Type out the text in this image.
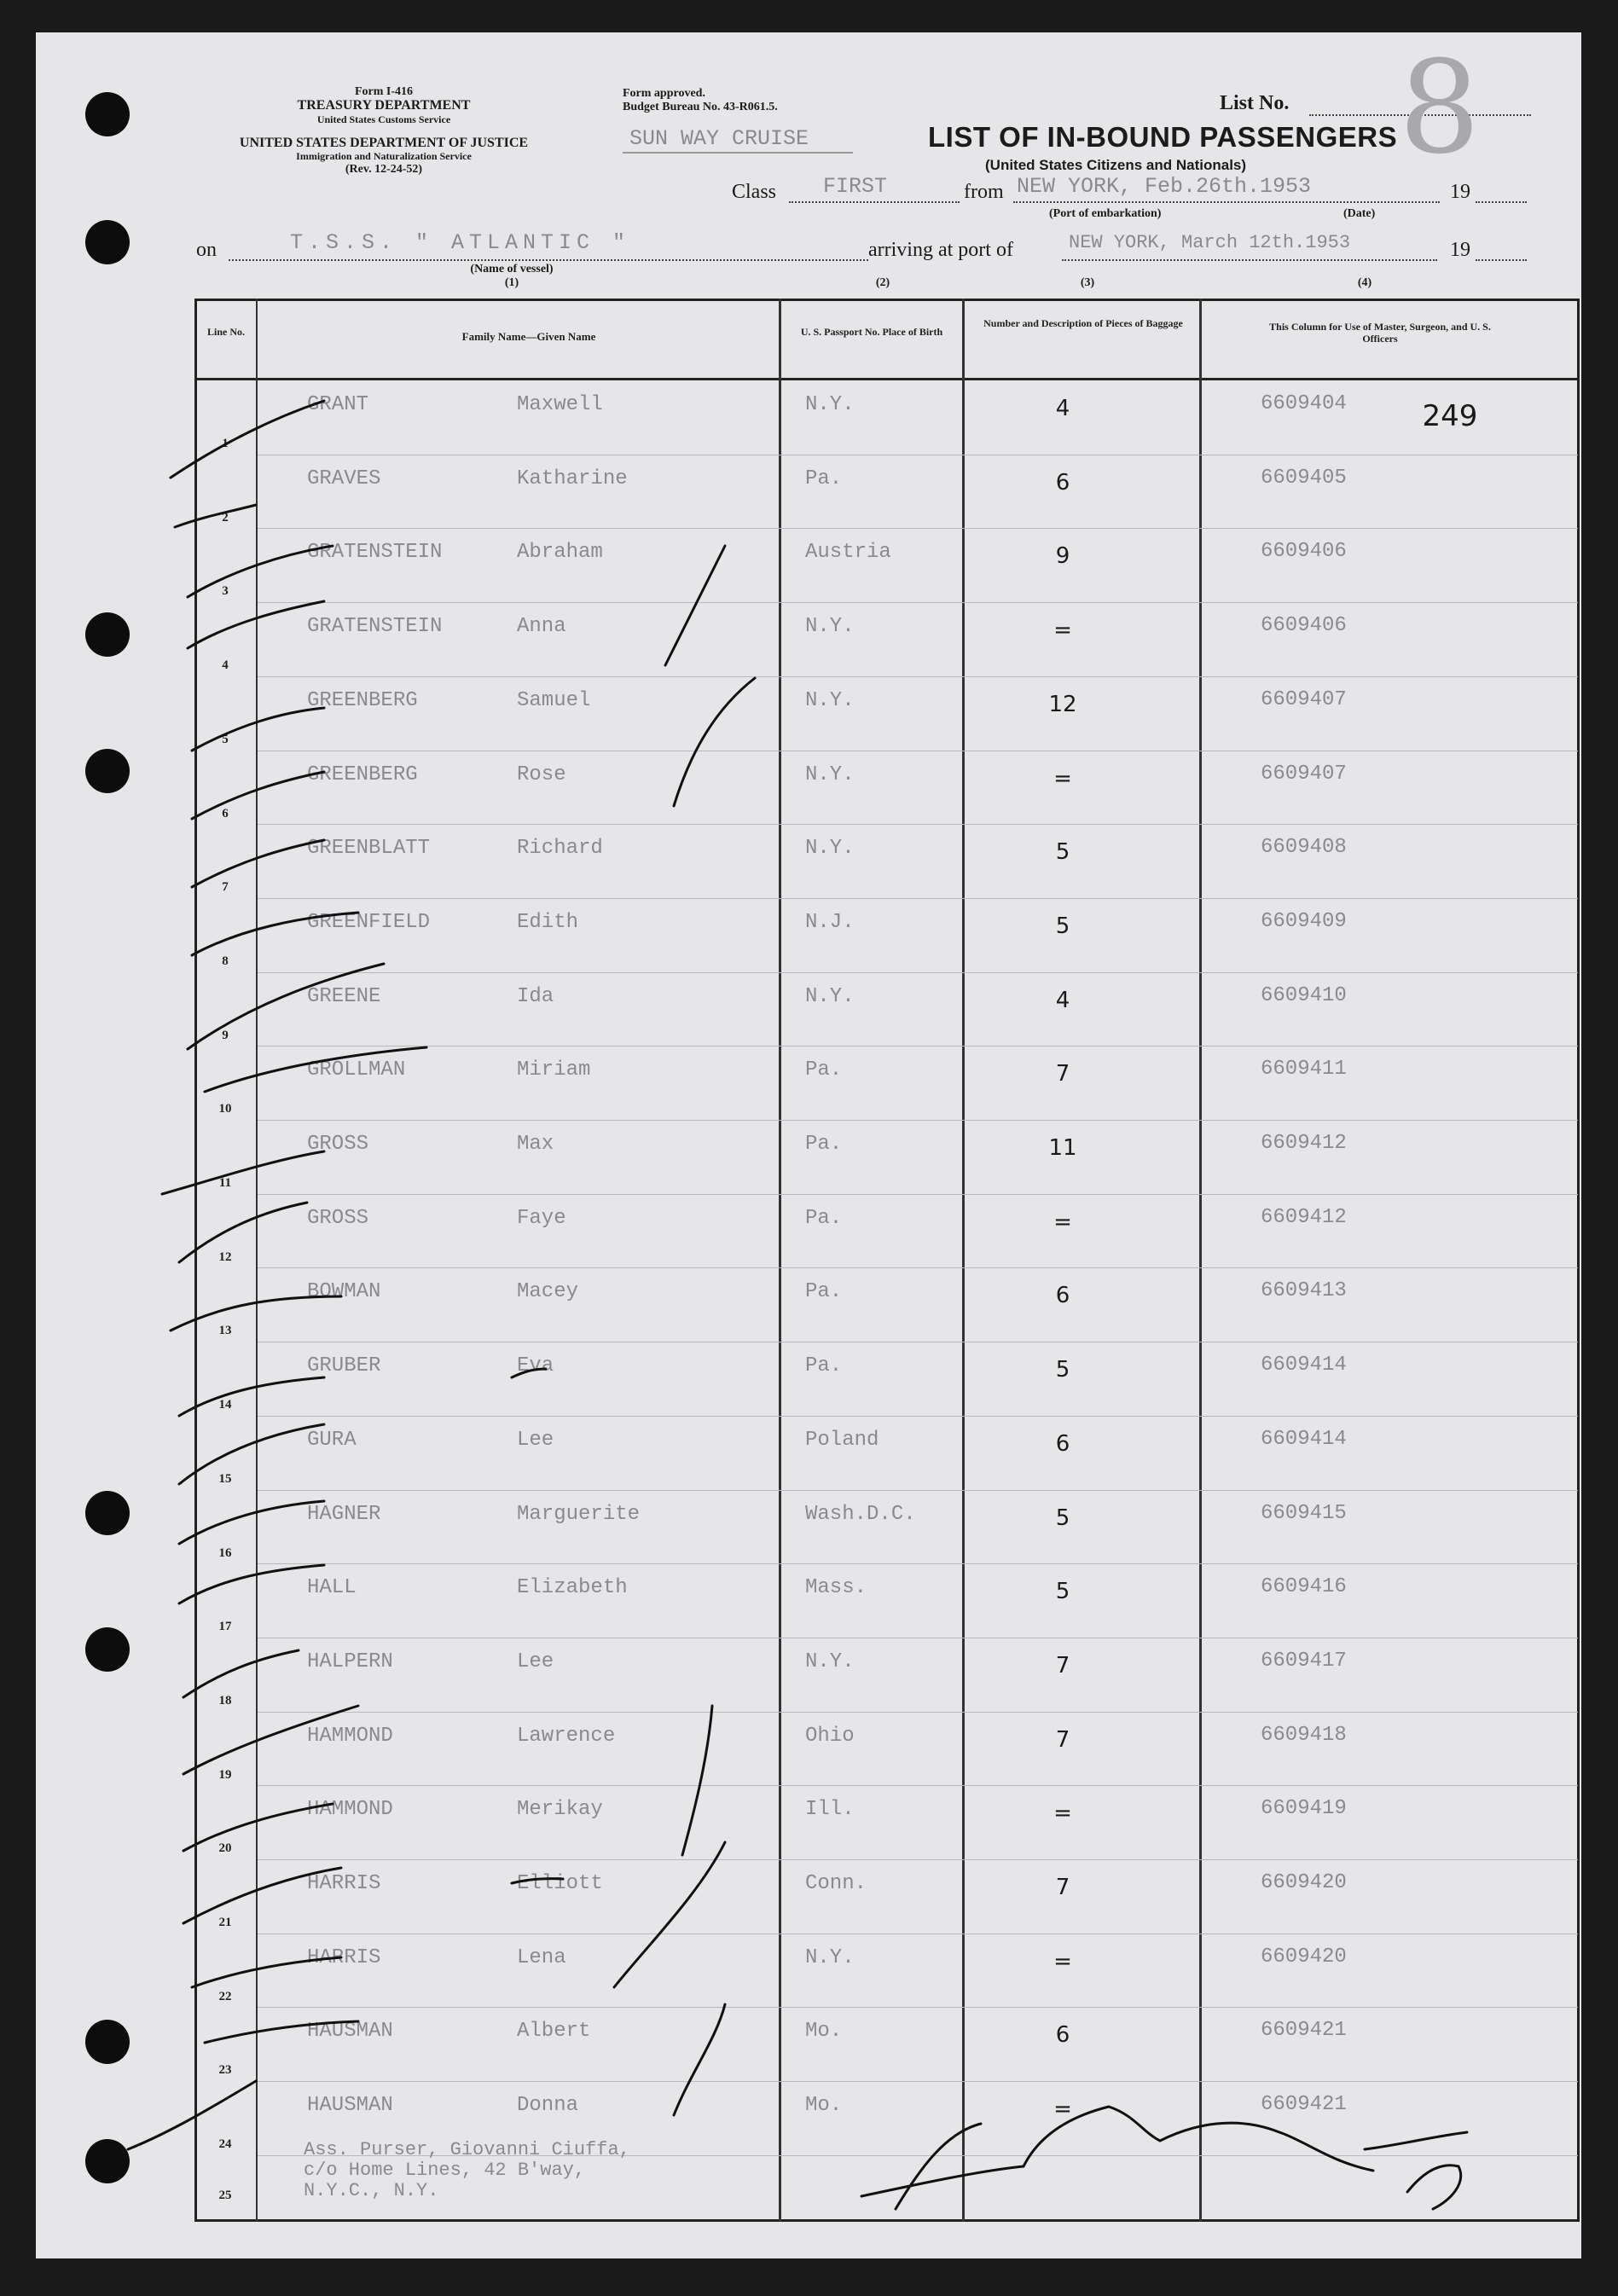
Form I-416
TREASURY DEPARTMENT
United States Customs Service
UNITED STATES DEPARTMENT OF JUSTICE
Immigration and Naturalization Service
(Rev. 12-24-52)
Form approved.
Budget Bureau No. 43-R061.5.
SUN WAY CRUISE
List No. 8
LIST OF IN-BOUND PASSENGERS
(United States Citizens and Nationals)
Class FIRST	from NEW YORK, Feb.26th.1953	19
(Port of embarkation)	(Date)
on	T.S.S. " ATLANTIC "	arriving at port of	NEW YORK, March 12th.1953	19
(Name of vessel)
(1)	(2)	(3)	(4)
Line No.	Family Name—Given Name	U. S. Passport No. Place of Birth
Number and Description of Pieces of Baggage	This Column for Use of Master, Surgeon, and U. S. Officers
1
GRANT	Maxwell	N.Y.	4	6609404
2
GRAVES	Katharine	Pa.	6	6609405
3
GRATENSTEIN	Abraham	Austria	9	6609406
4
GRATENSTEIN	Anna	N.Y.	=	6609406
5
GREENBERG	Samuel	N.Y.	12	6609407
6
GREENBERG	Rose	N.Y.	=	6609407
7
GREENBLATT	Richard	N.Y.	5	6609408
8
GREENFIELD	Edith	N.J.	5	6609409
9
GREENE	Ida	N.Y.	4	6609410
10
GROLLMAN	Miriam	Pa.	7	6609411
11
GROSS	Max	Pa.	11	6609412
12
GROSS	Faye	Pa.	=	6609412
13
BOWMAN	Macey	Pa.	6	6609413
14
GRUBER	Eva	Pa.	5	6609414
15
GURA	Lee	Poland	6	6609414
16
HAGNER	Marguerite	Wash.D.C.	5	6609415
17
HALL	Elizabeth	Mass.	5	6609416
18
HALPERN	Lee	N.Y.	7	6609417
19
HAMMOND	Lawrence	Ohio	7	6609418
20
HAMMOND	Merikay	Ill.	=	6609419
21
HARRIS	Elliott	Conn.	7	6609420
22
HARRIS	Lena	N.Y.	=	6609420
23
HAUSMAN	Albert	Mo.	6	6609421
24
HAUSMAN	Donna	Mo.	=	6609421
249
25
Ass. Purser, Giovanni Ciuffa,
c/o Home Lines, 42 B'way,
N.Y.C., N.Y.
